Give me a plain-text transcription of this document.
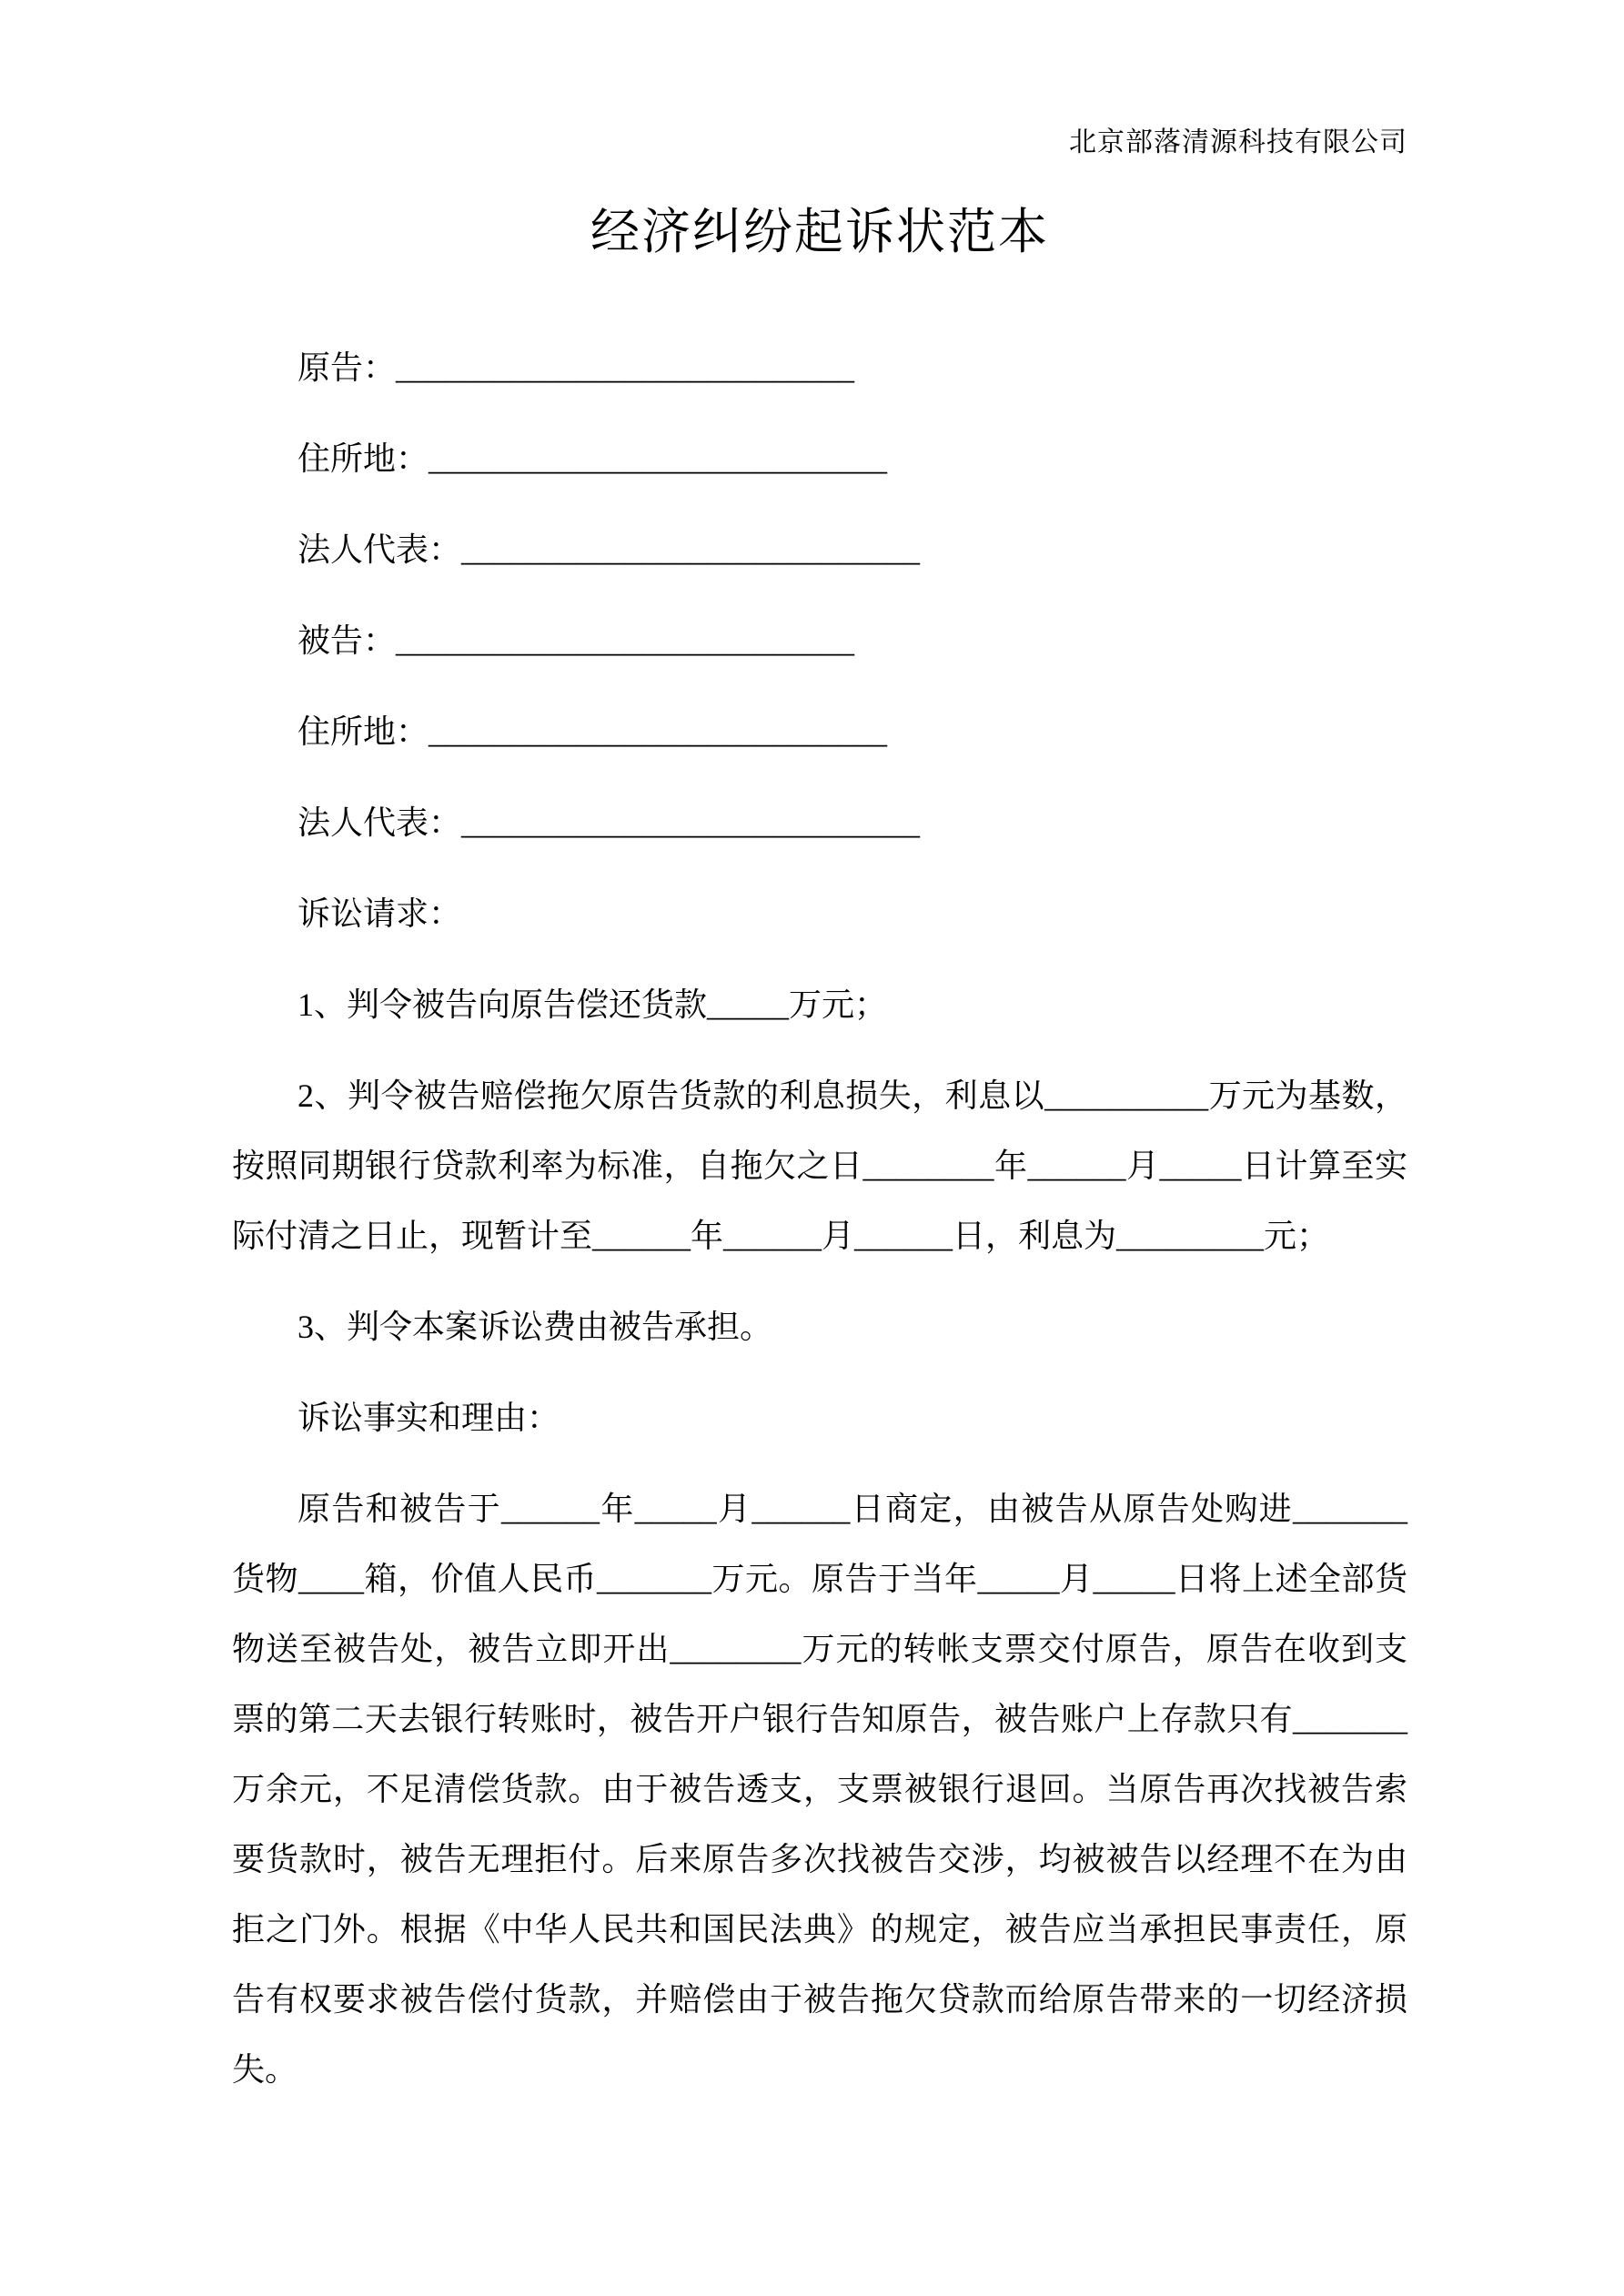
北京部落清源科技有限公司
经济纠纷起诉状范本
原告：____________________________
住所地：____________________________
法人代表：____________________________
被告：____________________________
住所地：____________________________
法人代表：____________________________
诉讼请求：
1、判令被告向原告偿还货款_____万元；
2、判令被告赔偿拖欠原告货款的利息损失，利息以__________万元为基数，按照同期银行贷款利率为标准，自拖欠之日________年______月_____日计算至实际付清之日止，现暂计至______年______月______日，利息为_________元；
3、判令本案诉讼费由被告承担。
诉讼事实和理由：
原告和被告于______年_____月______日商定，由被告从原告处购进_______货物____箱，价值人民币_______万元。原告于当年_____月_____日将上述全部货物送至被告处，被告立即开出________万元的转帐支票交付原告，原告在收到支票的第二天去银行转账时，被告开户银行告知原告，被告账户上存款只有_______万余元，不足清偿货款。由于被告透支，支票被银行退回。当原告再次找被告索要货款时，被告无理拒付。后来原告多次找被告交涉，均被被告以经理不在为由拒之门外。根据《中华人民共和国民法典》的规定，被告应当承担民事责任，原告有权要求被告偿付货款，并赔偿由于被告拖欠贷款而给原告带来的一切经济损失。
